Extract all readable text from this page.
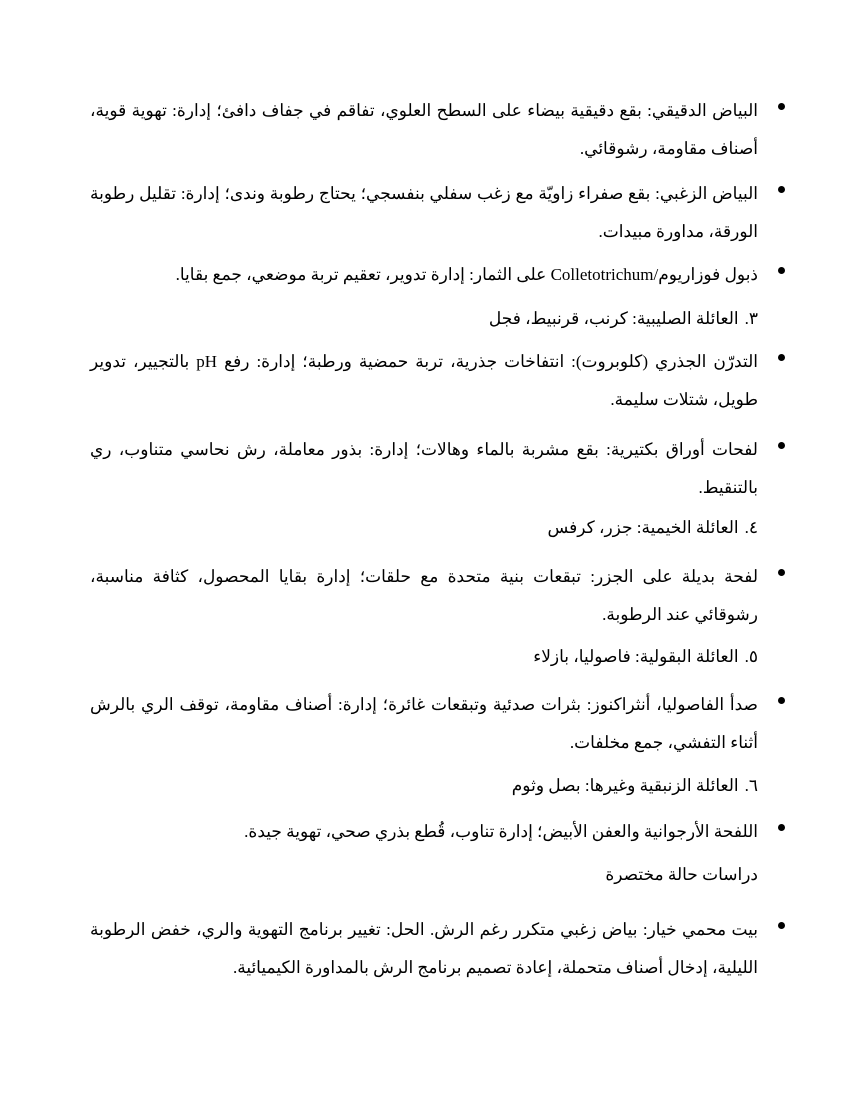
البياض الدقيقي: بقع دقيقية بيضاء على السطح العلوي، تفاقم في جفاف دافئ؛ إدارة: تهوية قوية، أصناف مقاومة، رشوقائي.
البياض الزغبي: بقع صفراء زاويّة مع زغب سفلي بنفسجي؛ يحتاج رطوبة وندى؛ إدارة: تقليل رطوبة الورقة، مداورة مبيدات.
ذبول فوزاريوم/Colletotrichum على الثمار: إدارة تدوير، تعقيم تربة موضعي، جمع بقايا.
٣.العائلة الصليبية: كرنب، قرنبيط، فجل
التدرّن الجذري (كلوبروت): انتفاخات جذرية، تربة حمضية ورطبة؛ إدارة: رفع pH بالتجيير، تدوير طويل، شتلات سليمة.
لفحات أوراق بكتيرية: بقع مشربة بالماء وهالات؛ إدارة: بذور معاملة، رش نحاسي متناوب، ري بالتنقيط.
٤.العائلة الخيمية: جزر، كرفس
لفحة بديلة على الجزر: تبقعات بنية متحدة مع حلقات؛ إدارة بقايا المحصول، كثافة مناسبة، رشوقائي عند الرطوبة.
٥.العائلة البقولية: فاصوليا، بازلاء
صدأ الفاصوليا، أنثراكنوز: بثرات صدئية وتبقعات غائرة؛ إدارة: أصناف مقاومة، توقف الري بالرش أثناء التفشي، جمع مخلفات.
٦.العائلة الزنبقية وغيرها: بصل وثوم
اللفحة الأرجوانية والعفن الأبيض؛ إدارة تناوب، قُطع بذري صحي، تهوية جيدة.
دراسات حالة مختصرة
بيت محمي خيار: بياض زغبي متكرر رغم الرش. الحل: تغيير برنامج التهوية والري، خفض الرطوبة الليلية، إدخال أصناف متحملة، إعادة تصميم برنامج الرش بالمداورة الكيميائية.
